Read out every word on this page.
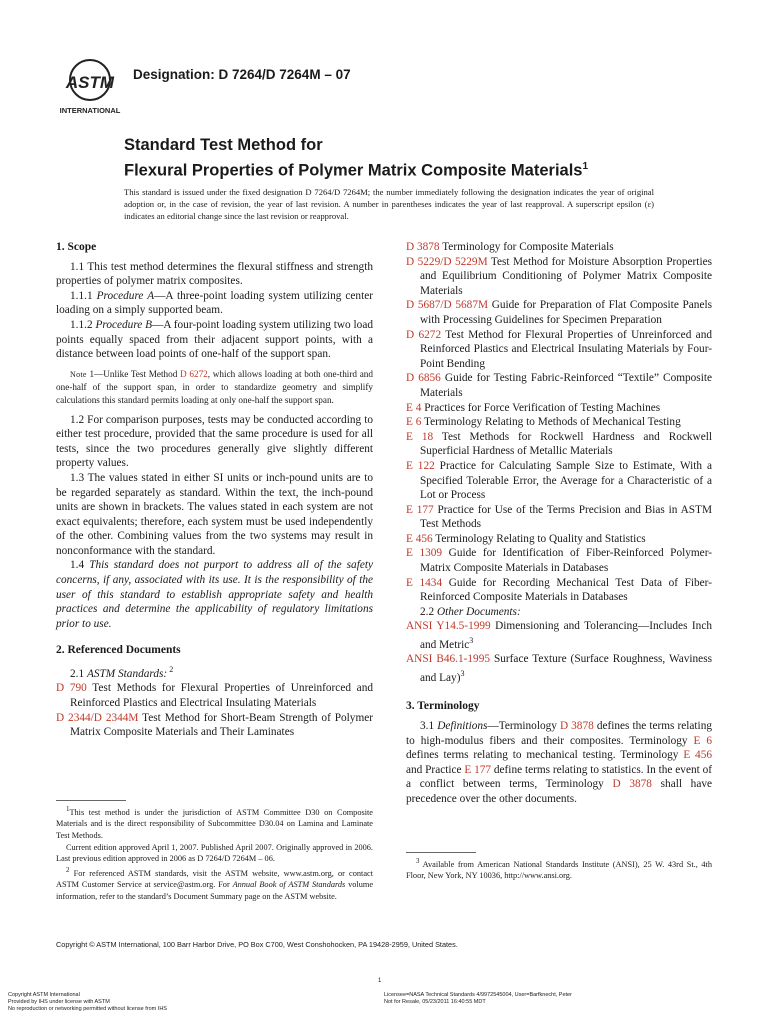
ASTM
INTERNATIONAL
Designation: D 7264/D 7264M – 07
Standard Test Method for
Flexural Properties of Polymer Matrix Composite Materials$^1$
This standard is issued under the fixed designation D 7264/D 7264M; the number immediately following the designation indicates the year of original adoption or, in the case of revision, the year of last revision. A number in parentheses indicates the year of last reapproval. A superscript epsilon (ε) indicates an editorial change since the last revision or reapproval.
1. Scope
1.1 This test method determines the flexural stiffness and strength properties of polymer matrix composites.
1.1.1 Procedure A—A three-point loading system utilizing center loading on a simply supported beam.
1.1.2 Procedure B—A four-point loading system utilizing two load points equally spaced from their adjacent support points, with a distance between load points of one-half of the support span.
Note 1—Unlike Test Method D 6272, which allows loading at both one-third and one-half of the support span, in order to standardize geometry and simplify calculations this standard permits loading at only one-half the support span.
1.2 For comparison purposes, tests may be conducted according to either test procedure, provided that the same procedure is used for all tests, since the two procedures generally give slightly different property values.
1.3 The values stated in either SI units or inch-pound units are to be regarded separately as standard. Within the text, the inch-pound units are shown in brackets. The values stated in each system are not exact equivalents; therefore, each system must be used independently of the other. Combining values from the two systems may result in nonconformance with the standard.
1.4 This standard does not purport to address all of the safety concerns, if any, associated with its use. It is the responsibility of the user of this standard to establish appropriate safety and health practices and determine the applicability of regulatory limitations prior to use.
2. Referenced Documents
2.1 ASTM Standards: $^2$
D 790 Test Methods for Flexural Properties of Unreinforced and Reinforced Plastics and Electrical Insulating Materials
D 2344/D 2344M Test Method for Short-Beam Strength of Polymer Matrix Composite Materials and Their Laminates
D 3878 Terminology for Composite Materials
D 5229/D 5229M Test Method for Moisture Absorption Properties and Equilibrium Conditioning of Polymer Matrix Composite Materials
D 5687/D 5687M Guide for Preparation of Flat Composite Panels with Processing Guidelines for Specimen Preparation
D 6272 Test Method for Flexural Properties of Unreinforced and Reinforced Plastics and Electrical Insulating Materials by Four-Point Bending
D 6856 Guide for Testing Fabric-Reinforced “Textile” Composite Materials
E 4 Practices for Force Verification of Testing Machines
E 6 Terminology Relating to Methods of Mechanical Testing
E 18 Test Methods for Rockwell Hardness and Rockwell Superficial Hardness of Metallic Materials
E 122 Practice for Calculating Sample Size to Estimate, With a Specified Tolerable Error, the Average for a Characteristic of a Lot or Process
E 177 Practice for Use of the Terms Precision and Bias in ASTM Test Methods
E 456 Terminology Relating to Quality and Statistics
E 1309 Guide for Identification of Fiber-Reinforced Polymer-Matrix Composite Materials in Databases
E 1434 Guide for Recording Mechanical Test Data of Fiber-Reinforced Composite Materials in Databases
2.2 Other Documents:
ANSI Y14.5-1999 Dimensioning and Tolerancing—Includes Inch and Metric$^3$
ANSI B46.1-1995 Surface Texture (Surface Roughness, Waviness and Lay)$^3$
3. Terminology
3.1 Definitions—Terminology D 3878 defines the terms relating to high-modulus fibers and their composites. Terminology E 6 defines terms relating to mechanical testing. Terminology E 456 and Practice E 177 define terms relating to statistics. In the event of a conflict between terms, Terminology D 3878 shall have precedence over the other documents.

$^1$This test method is under the jurisdiction of ASTM Committee D30 on Composite Materials and is the direct responsibility of Subcommittee D30.04 on Lamina and Laminate Test Methods.

Current edition approved April 1, 2007. Published April 2007. Originally approved in 2006. Last previous edition approved in 2006 as D 7264/D 7264M – 06.

$^2$ For referenced ASTM standards, visit the ASTM website, www.astm.org, or contact ASTM Customer Service at service@astm.org. For Annual Book of ASTM Standards volume information, refer to the standard’s Document Summary page on the ASTM website.

$^3$ Available from American National Standards Institute (ANSI), 25 W. 43rd St., 4th Floor, New York, NY 10036, http://www.ansi.org.

Copyright © ASTM International, 100 Barr Harbor Drive, PO Box C700, West Conshohocken, PA 19428-2959, United States.
1
Copyright ASTM International
Provided by IHS under license with ASTM
No reproduction or networking permitted without license from IHS
Licensee=NASA Technical Standards 4/9972545004, User=Barfknecht, Peter
Not for Resale, 05/23/2011 16:40:55 MDT
